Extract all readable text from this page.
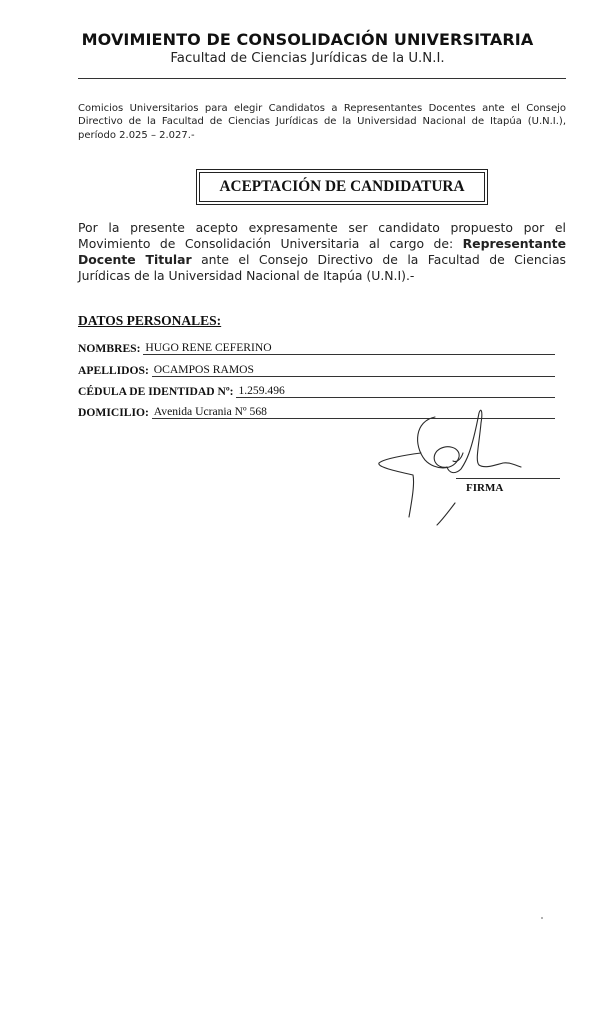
MOVIMIENTO DE CONSOLIDACIÓN UNIVERSITARIA
Facultad de Ciencias Jurídicas de la U.N.I.
Comicios Universitarios para elegir Candidatos a Representantes Docentes ante el Consejo Directivo de la Facultad de Ciencias Jurídicas de la Universidad Nacional de Itapúa (U.N.I.), período 2.025 – 2.027.-
ACEPTACIÓN DE CANDIDATURA
Por la presente acepto expresamente ser candidato propuesto por el Movimiento de Consolidación Universitaria al cargo de: Representante Docente Titular ante el Consejo Directivo de la Facultad de Ciencias Jurídicas de la Universidad Nacional de Itapúa (U.N.I).-
DATOS PERSONALES:
NOMBRES: HUGO RENE CEFERINO
APELLIDOS: OCAMPOS RAMOS
CÉDULA DE IDENTIDAD Nº: 1.259.496
DOMICILIO: Avenida Ucrania Nº 568
FIRMA
